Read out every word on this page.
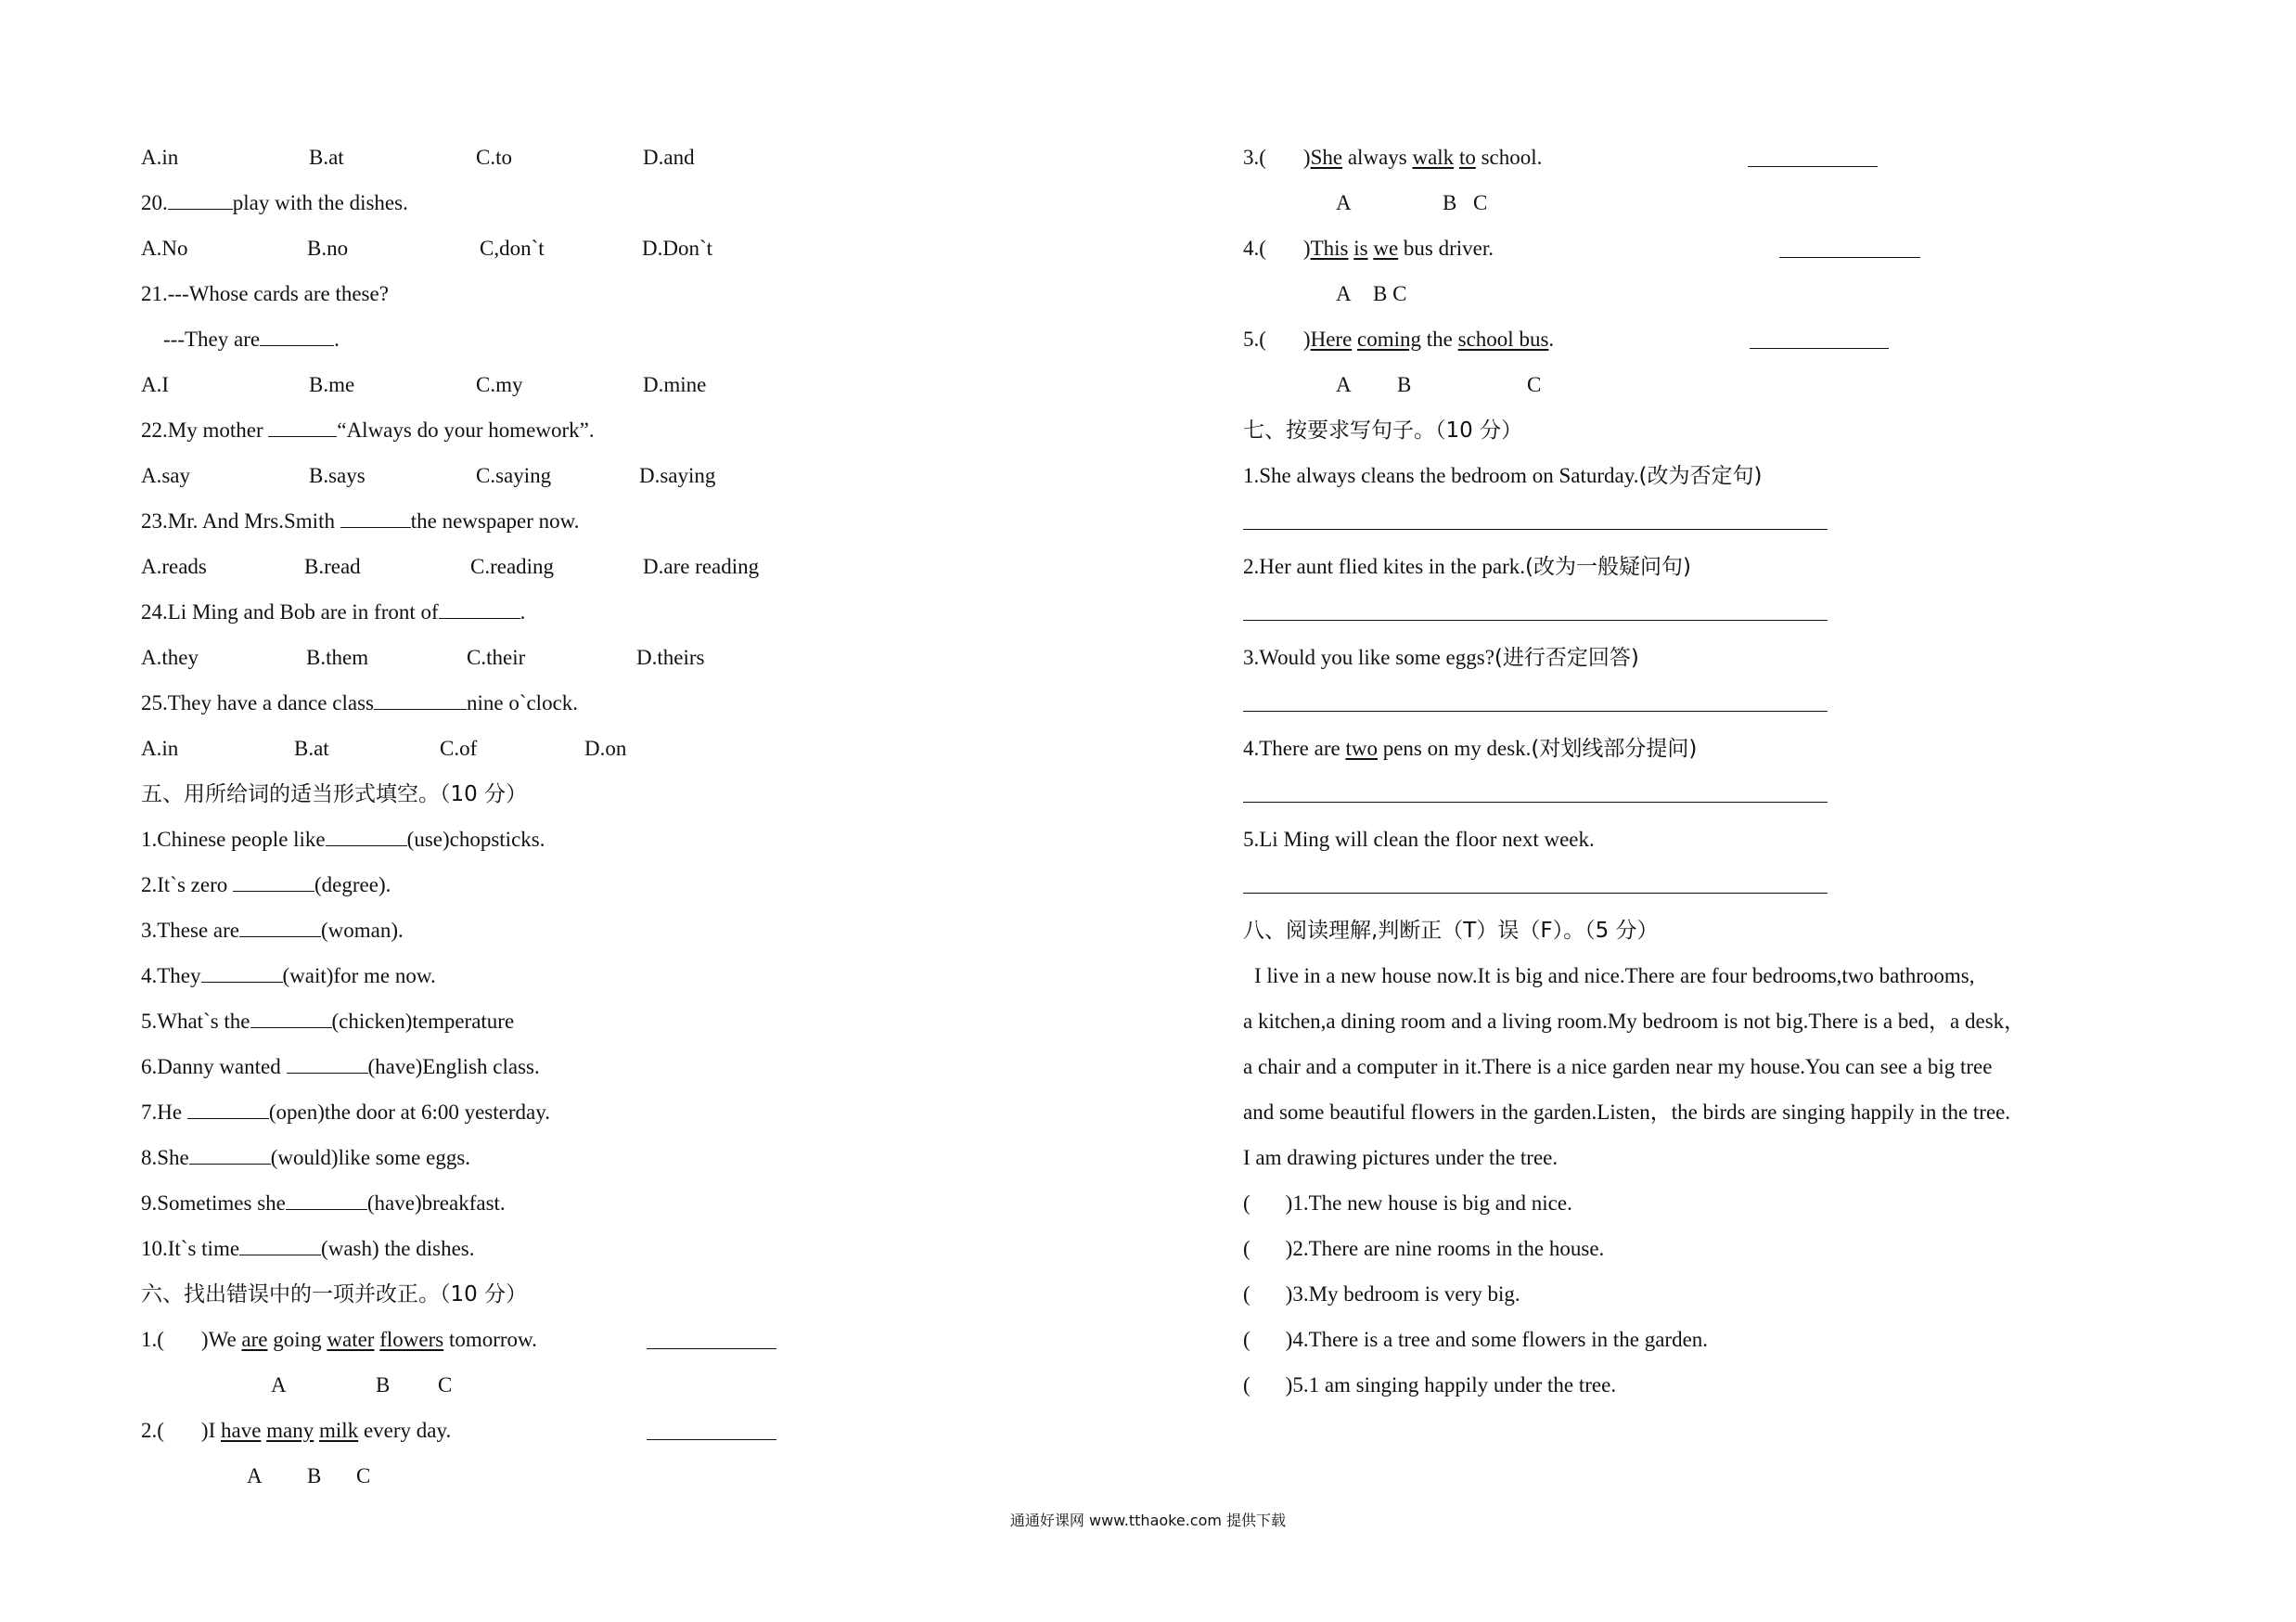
A.in	B.at	C.to	D.and
20.	play with the dishes.
A.No	B.no	C,don`t	D.Don`t
21.---Whose cards are these?
---They are	.
A.I	B.me	C.my	D.mine
22.My mother	“Always do your homework”.
A.say	B.says	C.saying	D.saying
23.Mr. And Mrs.Smith	the newspaper now.
A.reads	B.read	C.reading	D.are reading
24.Li Ming and Bob are in front of	.
A.they	B.them	C.their	D.theirs
25.They have a dance class	nine o`clock.
A.in	B.at	C.of	D.on
五、用所给词的适当形式填空。（10 分）
1.Chinese people like	(use)chopsticks.
2.It`s zero	(degree).
3.These are	(woman).
4.They	(wait)for me now.
5.What`s the	(chicken)temperature
6.Danny wanted	(have)English class.
7.He	(open)the door at 6:00 yesterday.
8.She	(would)like some eggs.
9.Sometimes she	(have)breakfast.
10.It`s time	(wash) the dishes.
六、找出错误中的一项并改正。（10 分）
1.( )We are going water flowers tomorrow.
A	B C
2.( )I have many milk every day.
A B C
3.( )She always walk to school.
A	B C
4.( )This is we bus driver.
A B C
5.( )Here coming the school bus.
A B	C
七、按要求写句子。（10 分）
1.She always cleans the bedroom on Saturday.(改为否定句)
2.Her aunt flied kites in the park.(改为一般疑问句)
3.Would you like some eggs?(进行否定回答)
4.There are two pens on my desk.(对划线部分提问)
5.Li Ming will clean the floor next week.
八、阅读理解,判断正（T）误（F）。（5 分）
I live in a new house now.It is big and nice.There are four bedrooms,two bathrooms,
a kitchen,a dining room and a living room.My bedroom is not big.There is a bed，a desk，
a chair and a computer in it.There is a nice garden near my house.You can see a big tree
and some beautiful flowers in the garden.Listen，the birds are singing happily in the tree.
I am drawing pictures under the tree.
( )1.The new house is big and nice.
( )2.There are nine rooms in the house.
( )3.My bedroom is very big.
( )4.There is a tree and some flowers in the garden.
( )5.1 am singing happily under the tree.
通通好课网 www.tthaoke.com 提供下载
